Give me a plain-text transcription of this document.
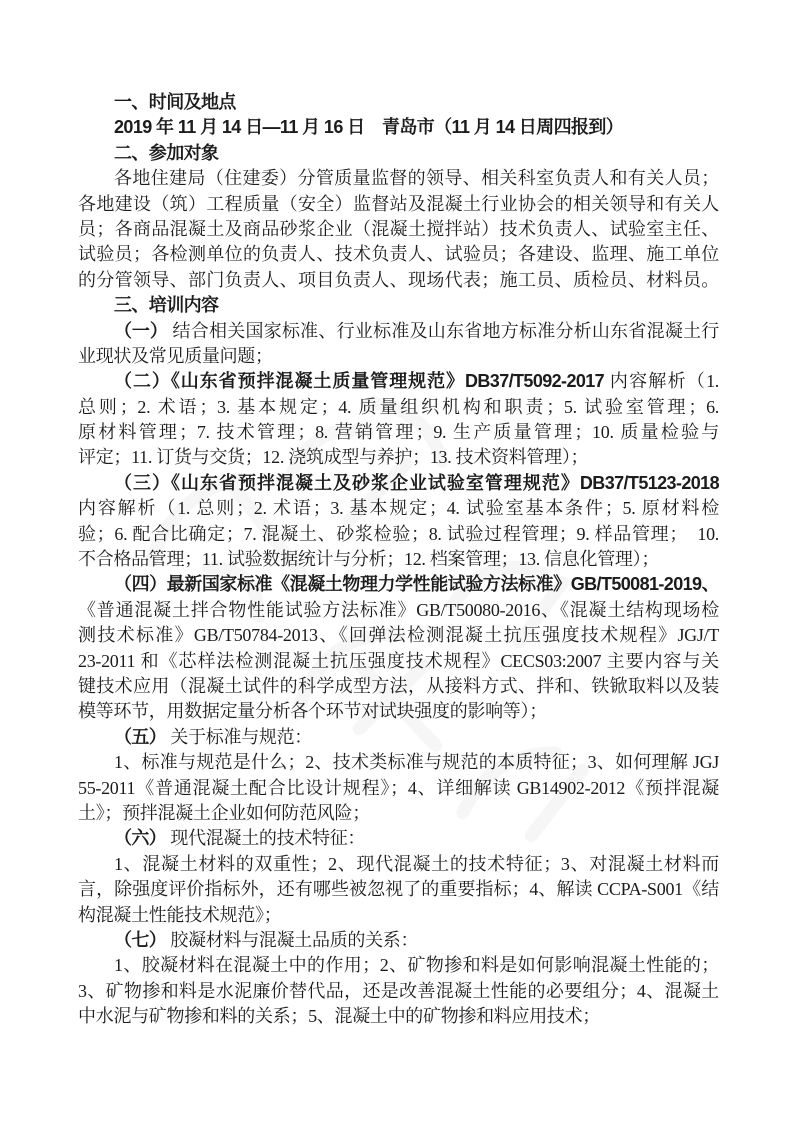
一、时间及地点
2019 年 11 月 14 日—11 月 16 日　青岛市（11 月 14 日周四报到）
二、参加对象
各地住建局（住建委）分管质量监督的领导、相关科室负责人和有关人员；
各地建设（筑）工程质量（安全）监督站及混凝土行业协会的相关领导和有关人
员；各商品混凝土及商品砂浆企业（混凝土搅拌站）技术负责人、试验室主任、
试验员；各检测单位的负责人、技术负责人、试验员；各建设、监理、施工单位
的分管领导、部门负责人、项目负责人、现场代表；施工员、质检员、材料员。
三、培训内容
（一） 结合相关国家标准、行业标准及山东省地方标准分析山东省混凝土行
业现状及常见质量问题；
（二）《山东省预拌混凝土质量管理规范》DB37/T5092-2017 内容解析（1.
总则；2. 术语；3. 基本规定；4. 质量组织机构和职责；5. 试验室管理；6.
原材料管理；7. 技术管理；8. 营销管理；9. 生产质量管理；10. 质量检验与
评定；11. 订货与交货；12. 浇筑成型与养护；13. 技术资料管理）；
（三）《山东省预拌混凝土及砂浆企业试验室管理规范》DB37/T5123-2018
内容解析（1. 总则；2. 术语；3. 基本规定；4. 试验室基本条件；5. 原材料检
验；6. 配合比确定；7. 混凝土、砂浆检验；8. 试验过程管理；9. 样品管理；  10.
不合格品管理；11. 试验数据统计与分析；12. 档案管理；13. 信息化管理）；
（四）最新国家标准《混凝土物理力学性能试验方法标准》GB/T50081-2019、
《普通混凝土拌合物性能试验方法标准》GB/T50080-2016、《混凝土结构现场检
测技术标准》GB/T50784-2013、《回弹法检测混凝土抗压强度技术规程》JGJ/T
23-2011 和《芯样法检测混凝土抗压强度技术规程》CECS03:2007 主要内容与关
键技术应用（混凝土试件的科学成型方法，从接料方式、拌和、铁锨取料以及装
模等环节，用数据定量分析各个环节对试块强度的影响等）；
（五） 关于标准与规范：
1、标准与规范是什么；2、技术类标准与规范的本质特征；3、如何理解 JGJ
55-2011《普通混凝土配合比设计规程》；4、详细解读 GB14902-2012《预拌混凝
土》；预拌混凝土企业如何防范风险；
（六） 现代混凝土的技术特征：
1、混凝土材料的双重性；2、现代混凝土的技术特征；3、对混凝土材料而
言，除强度评价指标外，还有哪些被忽视了的重要指标；4、解读 CCPA-S001《结
构混凝土性能技术规范》；
（七） 胶凝材料与混凝土品质的关系：
1、胶凝材料在混凝土中的作用；2、矿物掺和料是如何影响混凝土性能的；
3、矿物掺和料是水泥廉价替代品，还是改善混凝土性能的必要组分；4、混凝土
中水泥与矿物掺和料的关系；5、混凝土中的矿物掺和料应用技术；
